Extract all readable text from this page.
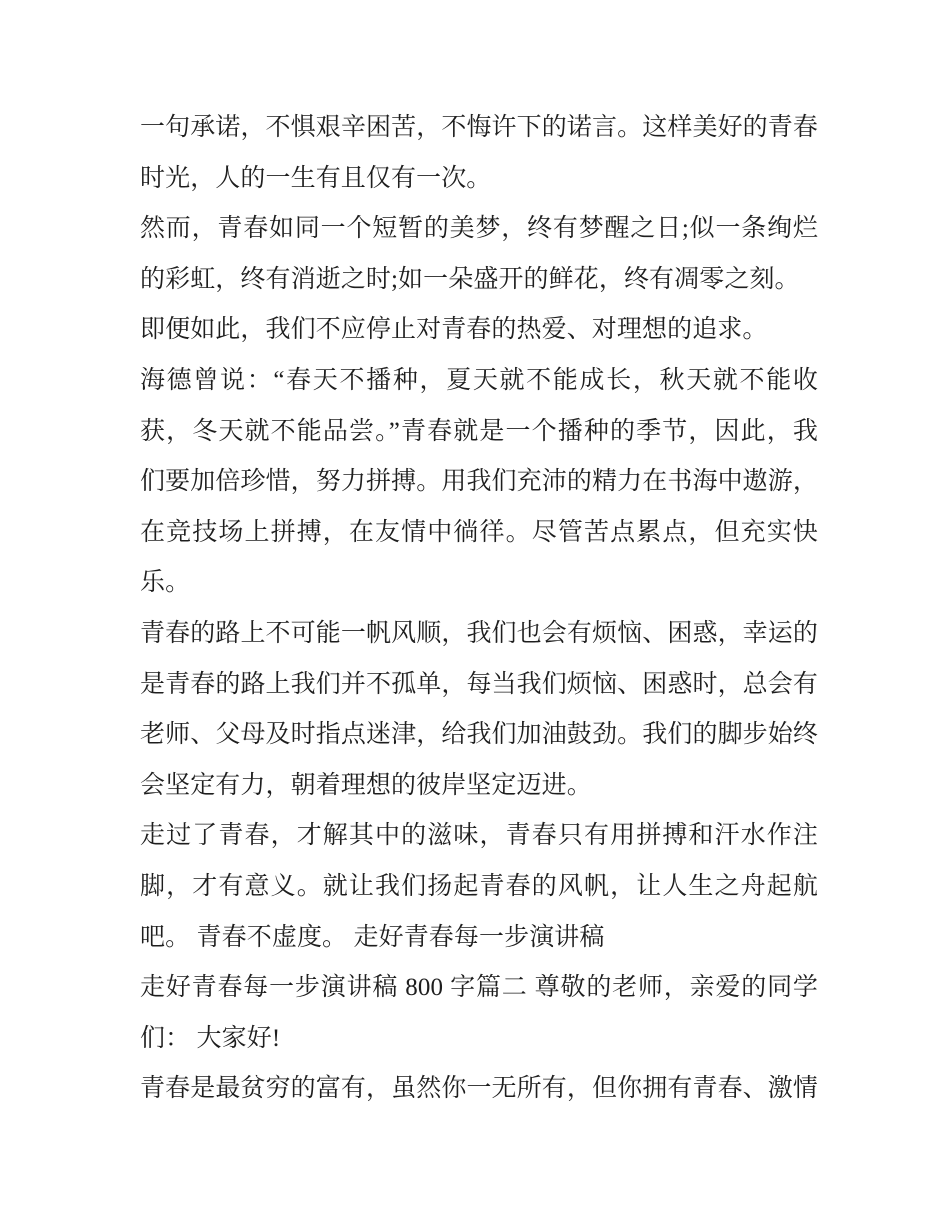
一句承诺，不惧艰辛困苦，不悔许下的诺言。这样美好的青春
时光，人的一生有且仅有一次。
然而，青春如同一个短暂的美梦，终有梦醒之日;似一条绚烂
的彩虹，终有消逝之时;如一朵盛开的鲜花，终有凋零之刻。
即便如此，我们不应停止对青春的热爱、对理想的追求。
海德曾说：“春天不播种，夏天就不能成长，秋天就不能收
获，冬天就不能品尝。”青春就是一个播种的季节，因此，我
们要加倍珍惜，努力拼搏。用我们充沛的精力在书海中遨游，
在竞技场上拼搏，在友情中徜徉。尽管苦点累点，但充实快
乐。
青春的路上不可能一帆风顺，我们也会有烦恼、困惑，幸运的
是青春的路上我们并不孤单，每当我们烦恼、困惑时，总会有
老师、父母及时指点迷津，给我们加油鼓劲。我们的脚步始终
会坚定有力，朝着理想的彼岸坚定迈进。
走过了青春，才解其中的滋味，青春只有用拼搏和汗水作注
脚，才有意义。就让我们扬起青春的风帆，让人生之舟起航
吧。 青春不虚度。 走好青春每一步演讲稿
走好青春每一步演讲稿 800 字篇二 尊敬的老师，亲爱的同学
们： 大家好!
青春是最贫穷的富有，虽然你一无所有，但你拥有青春、激情
